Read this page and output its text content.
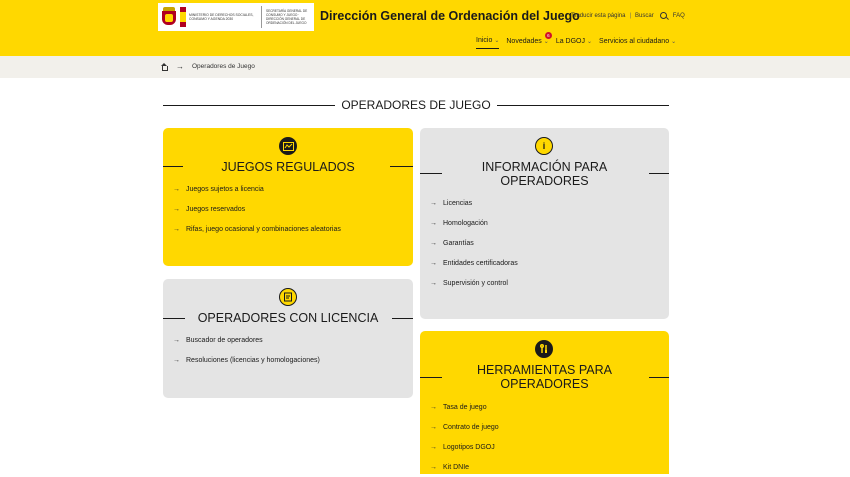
MINISTERIO DE DERECHOS SOCIALES, CONSUMO Y AGENDA 2030
SECRETARÍA GENERAL DE CONSUMO Y JUEGO · DIRECCIÓN GENERAL DE ORDENACIÓN DEL JUEGO	Dirección General de Ordenación del Juego
Traducir esta página | Buscar	FAQ
Inicio ⌄ Novedades ⌄
6
La DGOJ ⌄ Servicios al ciudadano ⌄
→ Operadores de Juego
OPERADORES DE JUEGO
JUEGOS REGULADOS
→ Juegos sujetos a licencia
→ Juegos reservados
→ Rifas, juego ocasional y combinaciones aleatorias
i
INFORMACIÓN PARA
OPERADORES
→ Licencias
→ Homologación
→ Garantías
→ Entidades certificadoras
→ Supervisión y control
OPERADORES CON LICENCIA
→ Buscador de operadores
→ Resoluciones (licencias y homologaciones)
HERRAMIENTAS PARA
OPERADORES
→ Tasa de juego
→ Contrato de juego
→ Logotipos DGOJ
→ Kit DNIe
